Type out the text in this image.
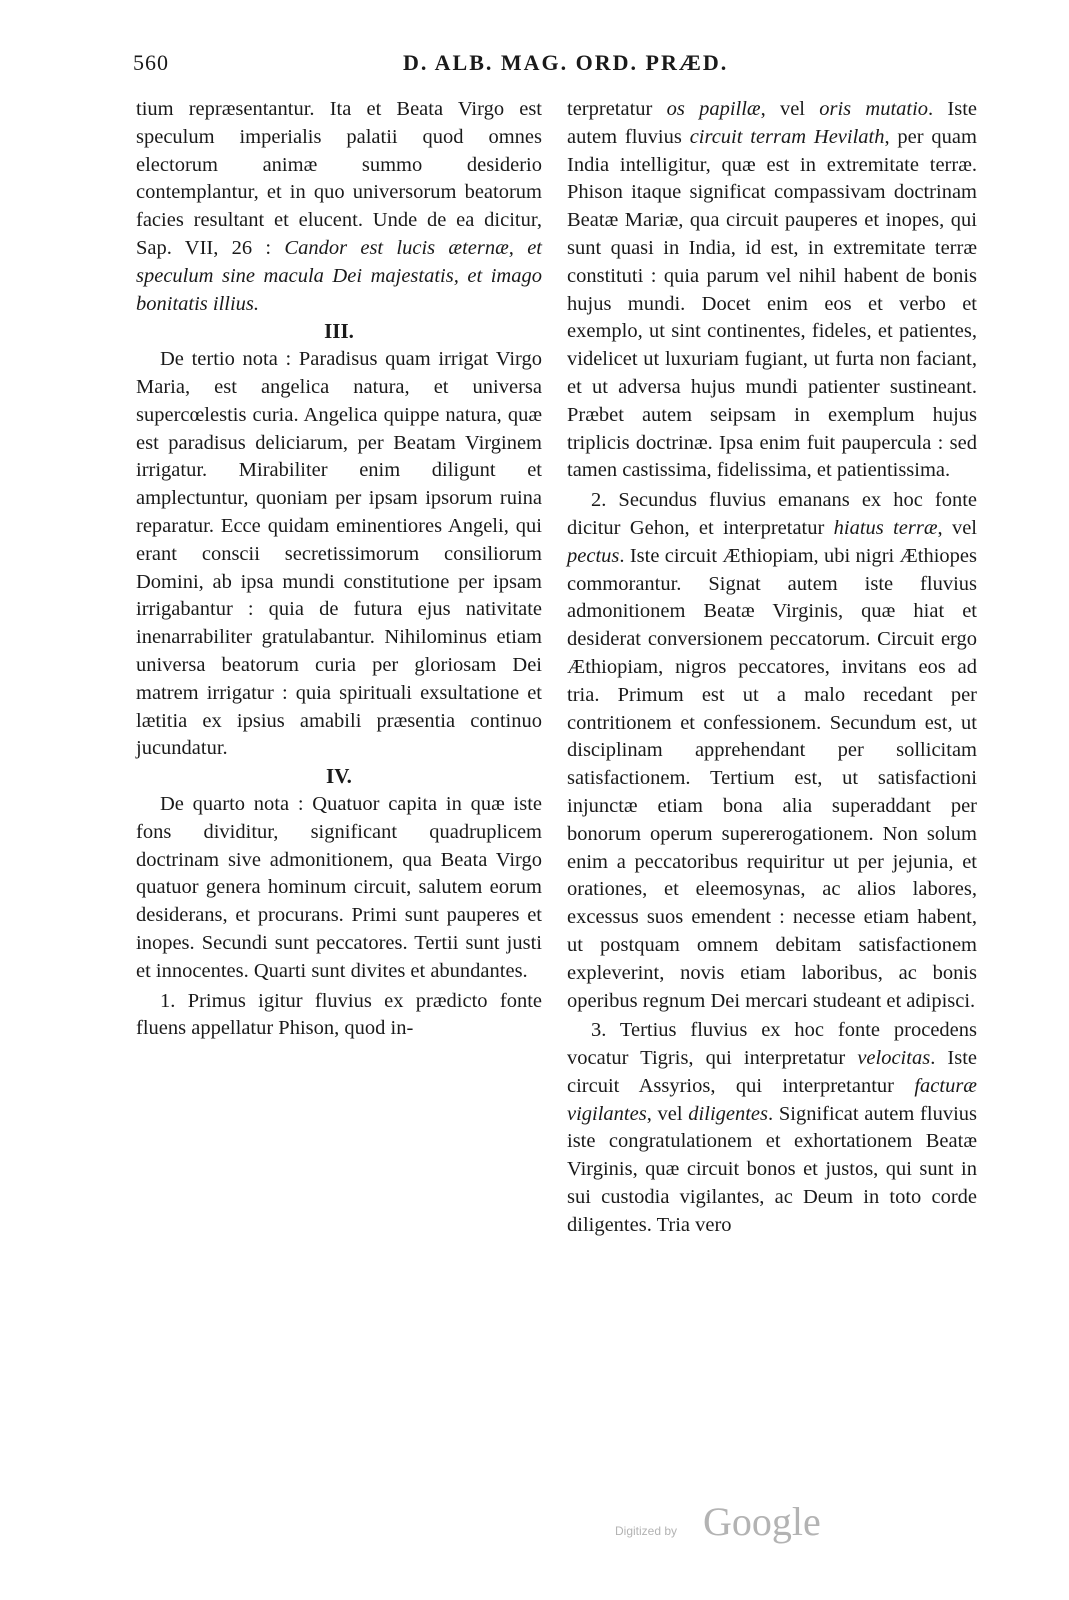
560	D. ALB. MAG. ORD. PRÆD.

tium repræsentantur. Ita et Beata Virgo est speculum imperialis palatii quod omnes electorum animæ summo desiderio contemplantur, et in quo universorum beatorum facies resultant et elucent. Unde de ea dicitur, Sap. VII, 26 : Candor est lucis æternæ, et speculum sine macula Dei majestatis, et imago bonitatis illius.

III.

De tertio nota : Paradisus quam irrigat Virgo Maria, est angelica natura, et universa supercœlestis curia. Angelica quippe natura, quæ est paradisus deliciarum, per Beatam Virginem irrigatur. Mirabiliter enim diligunt et amplectuntur, quoniam per ipsam ipsorum ruina reparatur. Ecce quidam eminentiores Angeli, qui erant conscii secretissimorum consiliorum Domini, ab ipsa mundi constitutione per ipsam irrigabantur : quia de futura ejus nativitate inenarrabiliter gratulabantur. Nihilominus etiam universa beatorum curia per gloriosam Dei matrem irrigatur : quia spirituali exsultatione et lætitia ex ipsius amabili præsentia continuo jucundatur.

IV.

De quarto nota : Quatuor capita in quæ iste fons dividitur, significant quadruplicem doctrinam sive admonitionem, qua Beata Virgo quatuor genera hominum circuit, salutem eorum desiderans, et procurans. Primi sunt pauperes et inopes. Secundi sunt peccatores. Tertii sunt justi et innocentes. Quarti sunt divites et abundantes.

1. Primus igitur fluvius ex prædicto fonte fluens appellatur Phison, quod in-

terpretatur os papillæ, vel oris mutatio. Iste autem fluvius circuit terram Hevilath, per quam India intelligitur, quæ est in extremitate terræ. Phison itaque significat compassivam doctrinam Beatæ Mariæ, qua circuit pauperes et inopes, qui sunt quasi in India, id est, in extremitate terræ constituti : quia parum vel nihil habent de bonis hujus mundi. Docet enim eos et verbo et exemplo, ut sint continentes, fideles, et patientes, videlicet ut luxuriam fugiant, ut furta non faciant, et ut adversa hujus mundi patienter sustineant. Præbet autem seipsam in exemplum hujus triplicis doctrinæ. Ipsa enim fuit paupercula : sed tamen castissima, fidelissima, et patientissima.

2. Secundus fluvius emanans ex hoc fonte dicitur Gehon, et interpretatur hiatus terræ, vel pectus. Iste circuit Æthiopiam, ubi nigri Æthiopes commorantur. Signat autem iste fluvius admonitionem Beatæ Virginis, quæ hiat et desiderat conversionem peccatorum. Circuit ergo Æthiopiam, nigros peccatores, invitans eos ad tria. Primum est ut a malo recedant per contritionem et confessionem. Secundum est, ut disciplinam apprehendant per sollicitam satisfactionem. Tertium est, ut satisfactioni injunctæ etiam bona alia superaddant per bonorum operum supererogationem. Non solum enim a peccatoribus requiritur ut per jejunia, et orationes, et eleemosynas, ac alios labores, excessus suos emendent : necesse etiam habent, ut postquam omnem debitam satisfactionem expleverint, novis etiam laboribus, ac bonis operibus regnum Dei mercari studeant et adipisci.

3. Tertius fluvius ex hoc fonte procedens vocatur Tigris, qui interpretatur velocitas. Iste circuit Assyrios, qui interpretantur facturæ vigilantes, vel diligentes. Significat autem fluvius iste congratulationem et exhortationem Beatæ Virginis, quæ circuit bonos et justos, qui sunt in sui custodia vigilantes, ac Deum in toto corde diligentes. Tria vero

Digitized by Google
